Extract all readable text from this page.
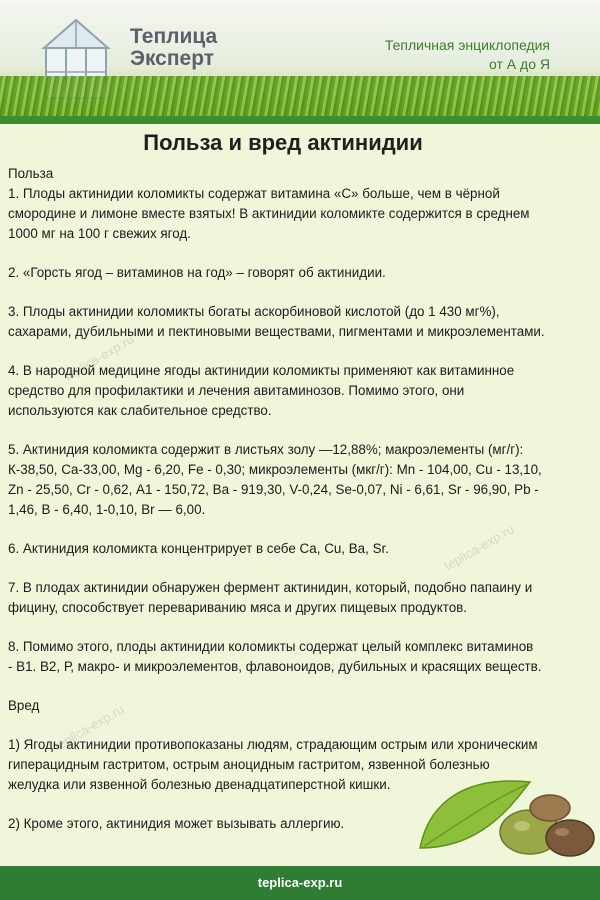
Теплица
Эксперт
Тепличная энциклопедия
от А до Я
teplica-exp.ru
teplica-exp.ru
teplica-exp.ru
Польза и вред актинидии

Польза

1. Плоды актинидии коломикты содержат витамина «С» больше, чем в чёрной

смородине и лимоне вместе взятых! В актинидии коломикте содержится в среднем

1000 мг на 100 г свежих ягод.

2. «Горсть ягод – витаминов на год» – говорят об актинидии.

3. Плоды актинидии коломикты богаты аскорбиновой кислотой (до 1 430 мг%),

сахарами, дубильными и пектиновыми веществами, пигментами и микроэлементами.

4. В народной медицине ягоды актинидии коломикты применяют как витаминное

средство для профилактики и лечения авитаминозов. Помимо этого, они

используются как слабительное средство.

5. Актинидия коломикта содержит в листьях золу —12,88%; макроэлементы (мг/г):

К-38,50, Са-33,00, Мg - 6,20, Fe - 0,30; микроэлементы (мкг/г): Mn - 104,00, Сu - 13,10,

Zn - 25,50, Cr - 0,62, А1 - 150,72, Ва - 919,30, V-0,24, Se-0,07, Ni - 6,61, Sr - 96,90, Pb -

1,46, В - 6,40, 1-0,10, Br — 6,00.

6. Актинидия коломикта концентрирует в себе Са, Сu, Ва, Sr.

7. В плодах актинидии обнаружен фермент актинидин, который, подобно папаину и

фицину, способствует перевариванию мяса и других пищевых продуктов.

8. Помимо этого, плоды актинидии коломикты содержат целый комплекс витаминов

- В1. В2, Р, макро- и микроэлементов, флавоноидов, дубильных и красящих веществ.

Вред

1) Ягоды актинидии противопоказаны людям, страдающим острым или хроническим

гиперацидным гастритом, острым аноцидным гастритом, язвенной болезнью

желудка или язвенной болезнью двенадцатиперстной кишки.

2) Кроме этого, актинидия может вызывать аллергию.

teplica-exp.ru
